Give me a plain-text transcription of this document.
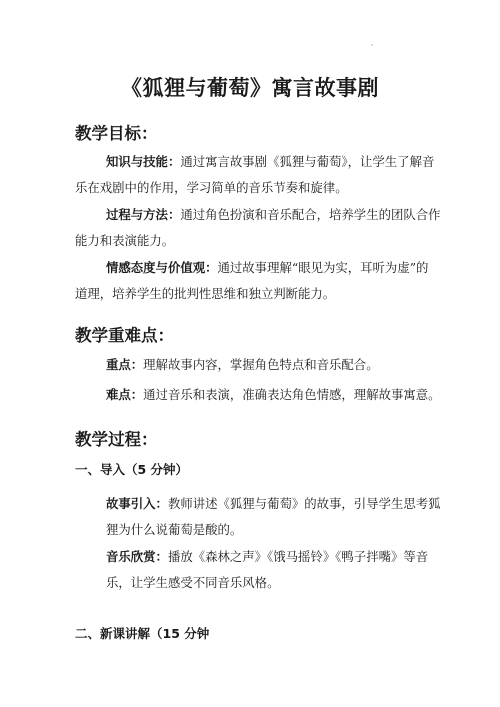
《狐狸与葡萄》寓言故事剧
教学目标：
知识与技能：通过寓言故事剧《狐狸与葡萄》，让学生了解音
乐在戏剧中的作用，学习简单的音乐节奏和旋律。
过程与方法：通过角色扮演和音乐配合，培养学生的团队合作
能力和表演能力。
情感态度与价值观：通过故事理解“眼见为实，耳听为虚”的
道理，培养学生的批判性思维和独立判断能力。
教学重难点：
重点：理解故事内容，掌握角色特点和音乐配合。
难点：通过音乐和表演，准确表达角色情感，理解故事寓意。
教学过程：
一、导入（5 分钟）
故事引入：教师讲述《狐狸与葡萄》的故事，引导学生思考狐
狸为什么说葡萄是酸的。
音乐欣赏：播放《森林之声》《饿马摇铃》《鸭子拌嘴》等音
乐，让学生感受不同音乐风格。
二、新课讲解（15 分钟
